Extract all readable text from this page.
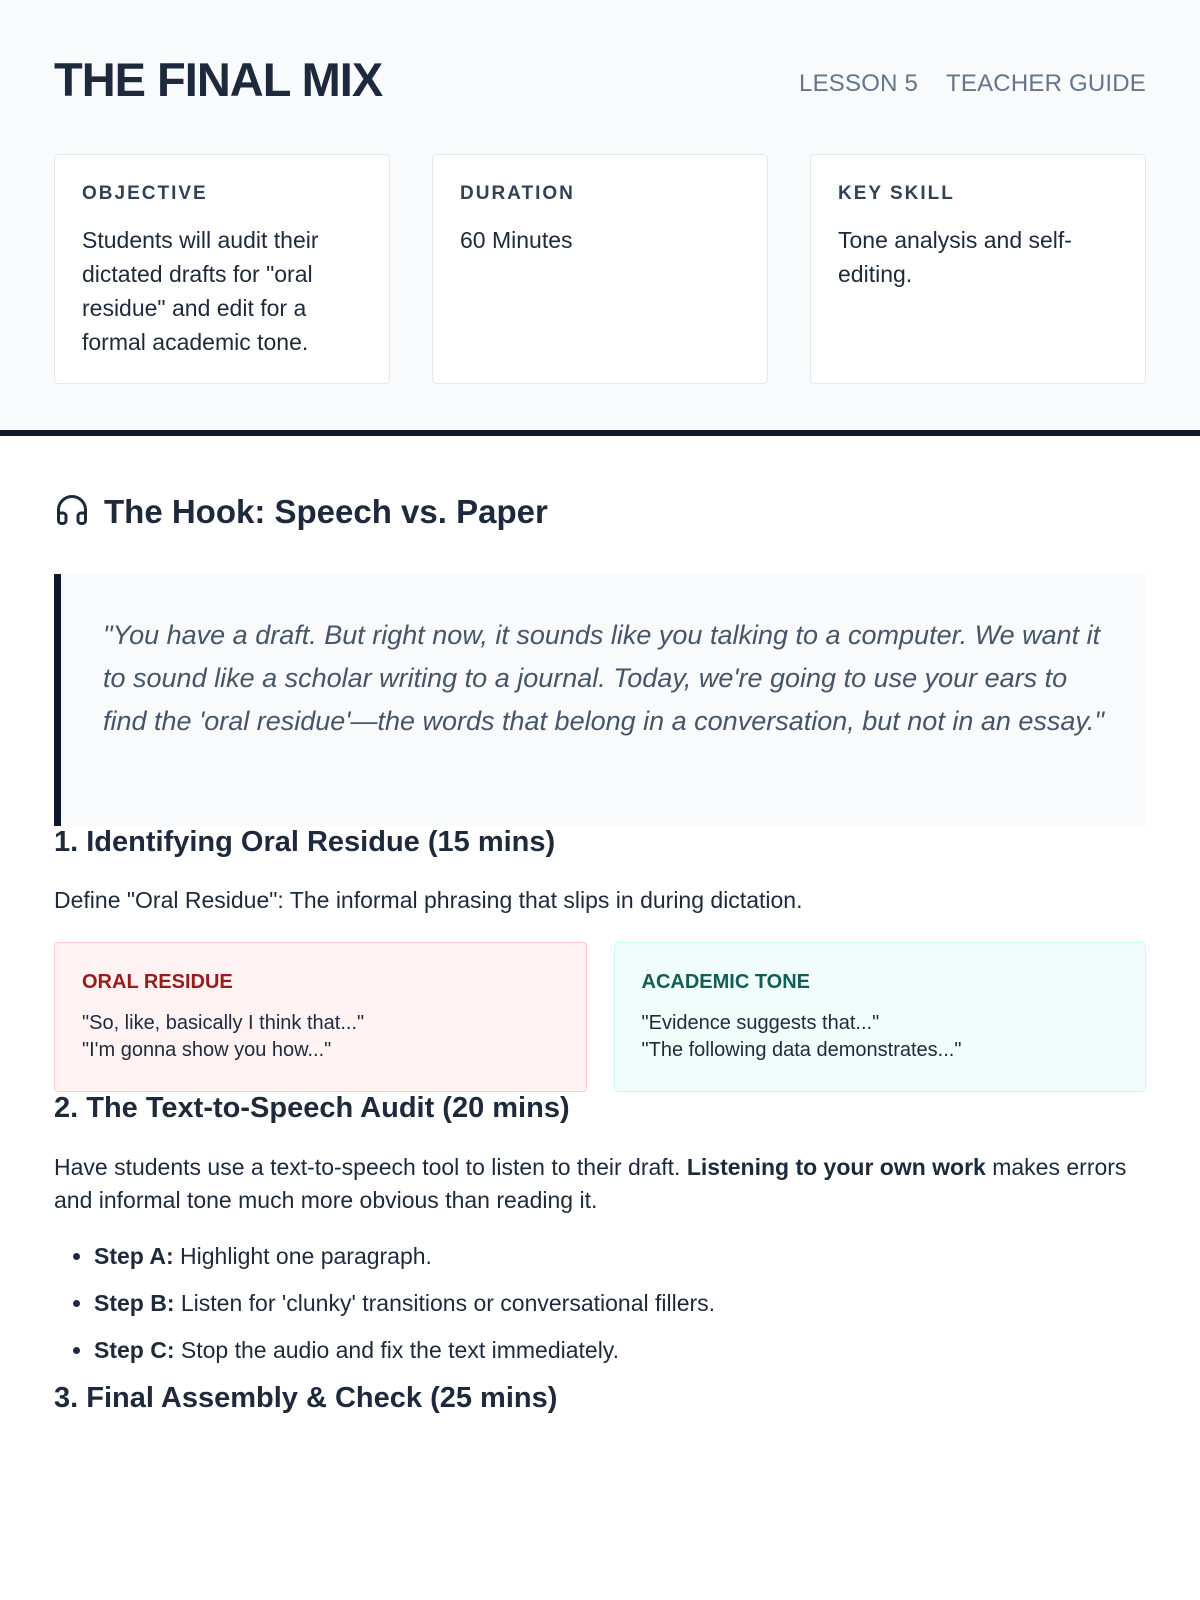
THE FINAL MIX	LESSON 5 TEACHER GUIDE
OBJECTIVE
Students will audit their dictated drafts for "oral residue" and edit for a formal academic tone.
DURATION
60 Minutes
KEY SKILL
Tone analysis and self-editing.
The Hook: Speech vs. Paper
"You have a draft. But right now, it sounds like you talking to a computer. We want it to sound like a scholar writing to a journal. Today, we're going to use your ears to find the 'oral residue'—the words that belong in a conversation, but not in an essay."
1. Identifying Oral Residue (15 mins)
Define "Oral Residue": The informal phrasing that slips in during dictation.
ORAL RESIDUE
"So, like, basically I think that..."
"I'm gonna show you how..."
ACADEMIC TONE
"Evidence suggests that..."
"The following data demonstrates..."
2. The Text-to-Speech Audit (20 mins)
Have students use a text-to-speech tool to listen to their draft. Listening to your own work makes errors and informal tone much more obvious than reading it.
• Step A: Highlight one paragraph.
• Step B: Listen for 'clunky' transitions or conversational fillers.
• Step C: Stop the audio and fix the text immediately.
3. Final Assembly & Check (25 mins)
